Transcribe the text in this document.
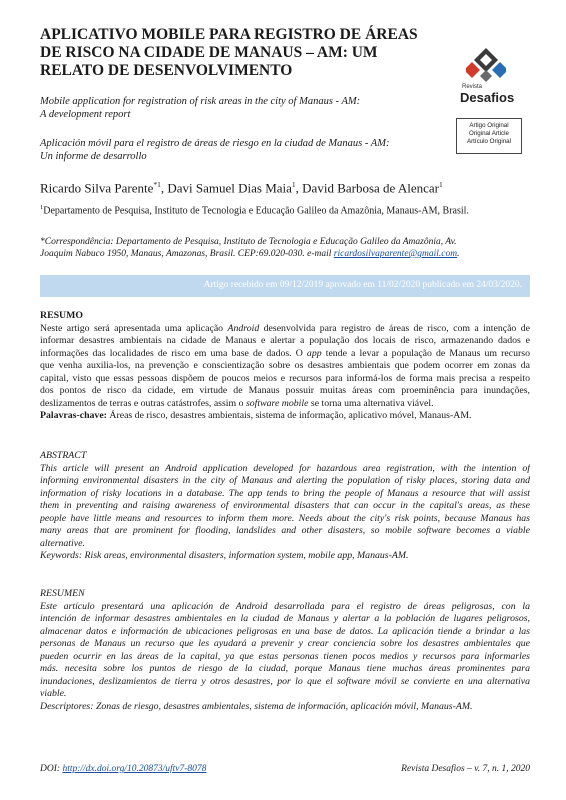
APLICATIVO MOBILE PARA REGISTRO DE ÁREAS
DE RISCO NA CIDADE DE MANAUS – AM: UM
RELATO DE DESENVOLVIMENTO
Revista
Desafios
Artigo Original
Original Article
Artículo Original
Mobile application for registration of risk areas in the city of Manaus - AM:
A development report
Aplicación móvil para el registro de áreas de riesgo en la ciudad de Manaus - AM:
Un informe de desarrollo
Ricardo Silva Parente$^{*1}$, Davi Samuel Dias Maia$^1$, David Barbosa de Alencar$^1$
$^1$Departamento de Pesquisa, Instituto de Tecnologia e Educação Galileo da Amazônia, Manaus-AM, Brasil.
*Correspondência: Departamento de Pesquisa, Instituto de Tecnologia e Educação Galileo da Amazônia, Av.
Joaquim Nabuco 1950, Manaus, Amazonas, Brasil. CEP:69.020-030. e-mail ricardosilvaparente@gmail.com.
Artigo recebido em 09/12/2019 aprovado em 11/02/2020 publicado em 24/03/2020.
RESUMO
Neste artigo será apresentada uma aplicação Android desenvolvida para registro de áreas de risco, com a intenção de
informar desastres ambientais na cidade de Manaus e alertar a população dos locais de risco, armazenando dados e
informações das localidades de risco em uma base de dados. O app tende a levar a população de Manaus um recurso
que venha auxilia-los, na prevenção e conscientização sobre os desastres ambientais que podem ocorrer em zonas da
capital, visto que essas pessoas dispõem de poucos meios e recursos para informá-los de forma mais precisa a respeito
dos pontos de risco da cidade, em virtude de Manaus possuir muitas áreas com proeminência para inundações,
deslizamentos de terras e outras catástrofes, assim o software mobile se torna uma alternativa viável.
Palavras-chave: Áreas de risco, desastres ambientais, sistema de informação, aplicativo móvel, Manaus-AM.
ABSTRACT
This article will present an Android application developed for hazardous area registration, with the intention of
informing environmental disasters in the city of Manaus and alerting the population of risky places, storing data and
information of risky locations in a database. The app tends to bring the people of Manaus a resource that will assist
them in preventing and raising awareness of environmental disasters that can occur in the capital's areas, as these
people have little means and resources to inform them more. Needs about the city's risk points, because Manaus has
many areas that are prominent for flooding, landslides and other disasters, so mobile software becomes a viable
alternative.
Keywords: Risk areas, environmental disasters, information system, mobile app, Manaus-AM.
RESUMEN
Este artículo presentará una aplicación de Android desarrollada para el registro de áreas peligrosas, con la
intención de informar desastres ambientales en la ciudad de Manaus y alertar a la población de lugares peligrosos,
almacenar datos e información de ubicaciones peligrosas en una base de datos. La aplicación tiende a brindar a las
personas de Manaus un recurso que les ayudará a prevenir y crear conciencia sobre los desastres ambientales que
pueden ocurrir en las áreas de la capital, ya que estas personas tienen pocos medios y recursos para informarles
más. necesita sobre los puntos de riesgo de la ciudad, porque Manaus tiene muchas áreas prominentes para
inundaciones, deslizamientos de tierra y otros desastres, por lo que el software móvil se convierte en una alternativa
viable.
Descriptores: Zonas de riesgo, desastres ambientales, sistema de información, aplicación móvil, Manaus-AM.
DOI: http://dx.doi.org/10.20873/uftv7-8078	Revista Desafios – v. 7, n. 1, 2020
